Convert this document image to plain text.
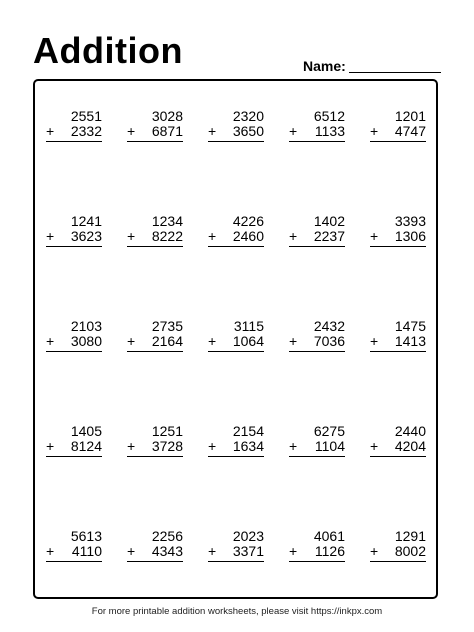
Addition	Name:
2551
+ 2332
3028
+ 6871
2320
+ 3650
6512
+ 1133
1201
+ 4747
1241
+ 3623
1234
+ 8222
4226
+ 2460
1402
+ 2237
3393
+ 1306
2103
+ 3080
2735
+ 2164
3115
+ 1064
2432
+ 7036
1475
+ 1413
1405
+ 8124
1251
+ 3728
2154
+ 1634
6275
+ 1104
2440
+ 4204
5613
+ 4110
2256
+ 4343
2023
+ 3371
4061
+ 1126
1291
+ 8002
For more printable addition worksheets, please visit https://inkpx.com
